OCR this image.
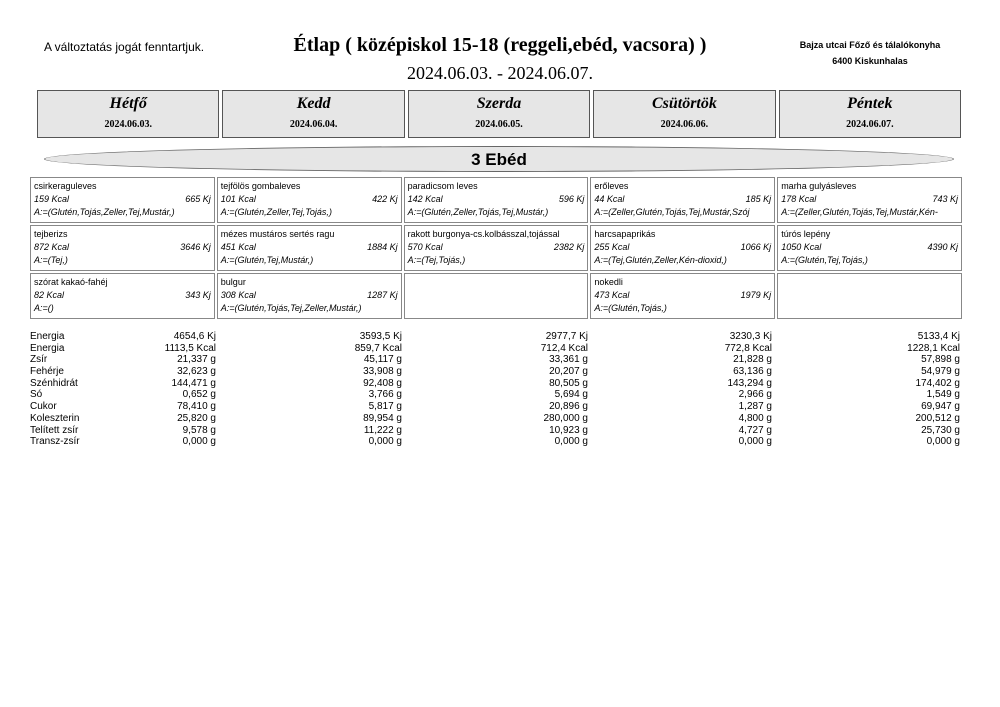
A változtatás jogát fenntartjuk.	Étlap ( középiskol 15-18 (reggeli,ebéd, vacsora) )
2024.06.03. - 2024.06.07.
Bajza utcai Főző és tálalókonyha
6400 Kiskunhalas
Hétfő
2024.06.03.
Kedd
2024.06.04.
Szerda
2024.06.05.
Csütörtök
2024.06.06.
Péntek
2024.06.07.
3 Ebéd
csirkeraguleves
159 Kcal	665 Kj
A:=(Glutén,Tojás,Zeller,Tej,Mustár,)
tejfölös gombaleves
101 Kcal	422 Kj
A:=(Glutén,Zeller,Tej,Tojás,)
paradicsom leves
142 Kcal	596 Kj
A:=(Glutén,Zeller,Tojás,Tej,Mustár,)
erőleves
44 Kcal	185 Kj
A:=(Zeller,Glutén,Tojás,Tej,Mustár,Szój
marha gulyásleves
178 Kcal	743 Kj
A:=(Zeller,Glutén,Tojás,Tej,Mustár,Kén-
tejberizs
872 Kcal	3646 Kj
A:=(Tej,)
mézes mustáros sertés ragu
451 Kcal	1884 Kj
A:=(Glutén,Tej,Mustár,)
rakott burgonya-cs.kolbásszal,tojással
570 Kcal	2382 Kj
A:=(Tej,Tojás,)
harcsapaprikás
255 Kcal	1066 Kj
A:=(Tej,Glutén,Zeller,Kén-dioxid,)
túrós lepény
1050 Kcal	4390 Kj
A:=(Glutén,Tej,Tojás,)
szórat kakaó-fahéj
82 Kcal	343 Kj
A:=()
bulgur
308 Kcal	1287 Kj
A:=(Glutén,Tojás,Tej,Zeller,Mustár,)
nokedli
473 Kcal	1979 Kj
A:=(Glutén,Tojás,)
Energia	4654,6 Kj	3593,5 Kj	2977,7 Kj	3230,3 Kj	5133,4 Kj
Energia	1113,5 Kcal	859,7 Kcal	712,4 Kcal	772,8 Kcal	1228,1 Kcal
Zsír	21,337 g	45,117 g	33,361 g	21,828 g	57,898 g
Fehérje	32,623 g	33,908 g	20,207 g	63,136 g	54,979 g
Szénhidrát	144,471 g	92,408 g	80,505 g	143,294 g	174,402 g
Só	0,652 g	3,766 g	5,694 g	2,966 g	1,549 g
Cukor	78,410 g	5,817 g	20,896 g	1,287 g	69,947 g
Koleszterin	25,820 g	89,954 g	280,000 g	4,800 g	200,512 g
Telített zsír	9,578 g	11,222 g	10,923 g	4,727 g	25,730 g
Transz-zsír	0,000 g	0,000 g	0,000 g	0,000 g	0,000 g
